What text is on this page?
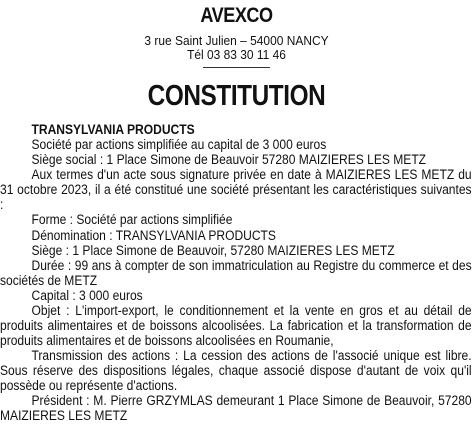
AVEXCO
3 rue Saint Julien – 54000 NANCY
Tél 03 83 30 11 46
CONSTITUTION

TRANSYLVANIA PRODUCTS

Société par actions simplifiée au capital de 3 000 euros

Siège social : 1 Place Simone de Beauvoir 57280 MAIZIERES LES METZ

Aux termes d'un acte sous signature privée en date à MAIZIERES LES METZ du 31 octobre 2023, il a été constitué une société présentant les caractéristiques suivantes :

Forme : Société par actions simplifiée

Dénomination : TRANSYLVANIA PRODUCTS

Siège : 1 Place Simone de Beauvoir, 57280 MAIZIERES LES METZ

Durée : 99 ans à compter de son immatriculation au Registre du commerce et des sociétés de METZ

Capital : 3 000 euros

Objet : L'import-export, le conditionnement et la vente en gros et au détail de produits alimentaires et de boissons alcoolisées. La fabrication et la transformation de produits alimentaires et de boissons alcoolisées en Roumanie,

Transmission des actions : La cession des actions de l'associé unique est libre. Sous réserve des dispositions légales, chaque associé dispose d'autant de voix qu'il possède ou représente d'actions.

Président : M. Pierre GRZYMLAS demeurant 1 Place Simone de Beauvoir, 57280 MAIZIERES LES METZ
